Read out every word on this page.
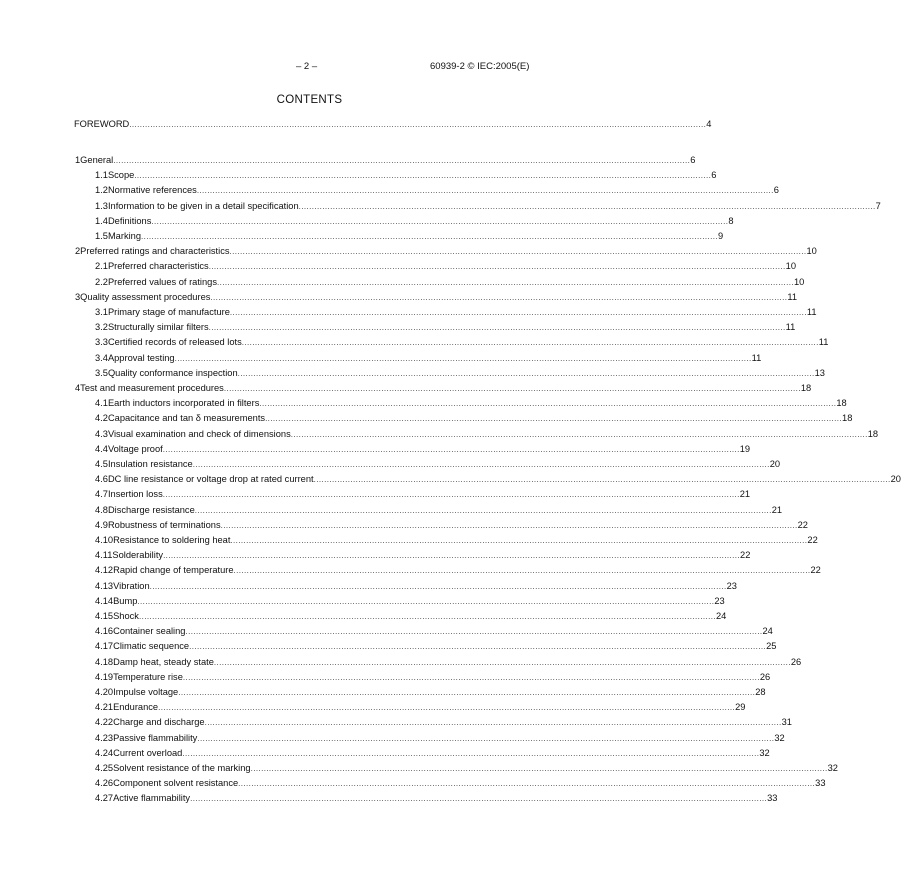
– 2 –	60939-2 © IEC:2005(E)
CONTENTS
FOREWORD ............................................................................................................................................................................................................................ 4
1 General ............................................................................................................................................................................................................................ 6
1.1 Scope ............................................................................................................................................................................................................................ 6
1.2 Normative references ............................................................................................................................................................................................................................ 6
1.3 Information to be given in a detail specification ............................................................................................................................................................................................................................ 7
1.4 Definitions ............................................................................................................................................................................................................................ 8
1.5 Marking ............................................................................................................................................................................................................................ 9
2 Preferred ratings and characteristics ............................................................................................................................................................................................................................ 10
2.1 Preferred characteristics ............................................................................................................................................................................................................................ 10
2.2 Preferred values of ratings ............................................................................................................................................................................................................................ 10
3 Quality assessment procedures ............................................................................................................................................................................................................................ 11
3.1 Primary stage of manufacture ............................................................................................................................................................................................................................ 11
3.2 Structurally similar filters ............................................................................................................................................................................................................................ 11
3.3 Certified records of released lots ............................................................................................................................................................................................................................ 11
3.4 Approval testing ............................................................................................................................................................................................................................ 11
3.5 Quality conformance inspection ............................................................................................................................................................................................................................ 13
4 Test and measurement procedures ............................................................................................................................................................................................................................ 18
4.1 Earth inductors incorporated in filters ............................................................................................................................................................................................................................ 18
4.2 Capacitance and tan δ measurements ............................................................................................................................................................................................................................ 18
4.3 Visual examination and check of dimensions ............................................................................................................................................................................................................................ 18
4.4 Voltage proof ............................................................................................................................................................................................................................ 19
4.5 Insulation resistance ............................................................................................................................................................................................................................ 20
4.6 DC line resistance or voltage drop at rated current ............................................................................................................................................................................................................................ 20
4.7 Insertion loss ............................................................................................................................................................................................................................ 21
4.8 Discharge resistance ............................................................................................................................................................................................................................ 21
4.9 Robustness of terminations ............................................................................................................................................................................................................................ 22
4.10 Resistance to soldering heat ............................................................................................................................................................................................................................ 22
4.11 Solderability ............................................................................................................................................................................................................................ 22
4.12 Rapid change of temperature ............................................................................................................................................................................................................................ 22
4.13 Vibration ............................................................................................................................................................................................................................ 23
4.14 Bump ............................................................................................................................................................................................................................ 23
4.15 Shock ............................................................................................................................................................................................................................ 24
4.16 Container sealing ............................................................................................................................................................................................................................ 24
4.17 Climatic sequence ............................................................................................................................................................................................................................ 25
4.18 Damp heat, steady state ............................................................................................................................................................................................................................ 26
4.19 Temperature rise ............................................................................................................................................................................................................................ 26
4.20 Impulse voltage ............................................................................................................................................................................................................................ 28
4.21 Endurance ............................................................................................................................................................................................................................ 29
4.22 Charge and discharge ............................................................................................................................................................................................................................ 31
4.23 Passive flammability ............................................................................................................................................................................................................................ 32
4.24 Current overload ............................................................................................................................................................................................................................ 32
4.25 Solvent resistance of the marking ............................................................................................................................................................................................................................ 32
4.26 Component solvent resistance ............................................................................................................................................................................................................................ 33
4.27 Active flammability ............................................................................................................................................................................................................................ 33
